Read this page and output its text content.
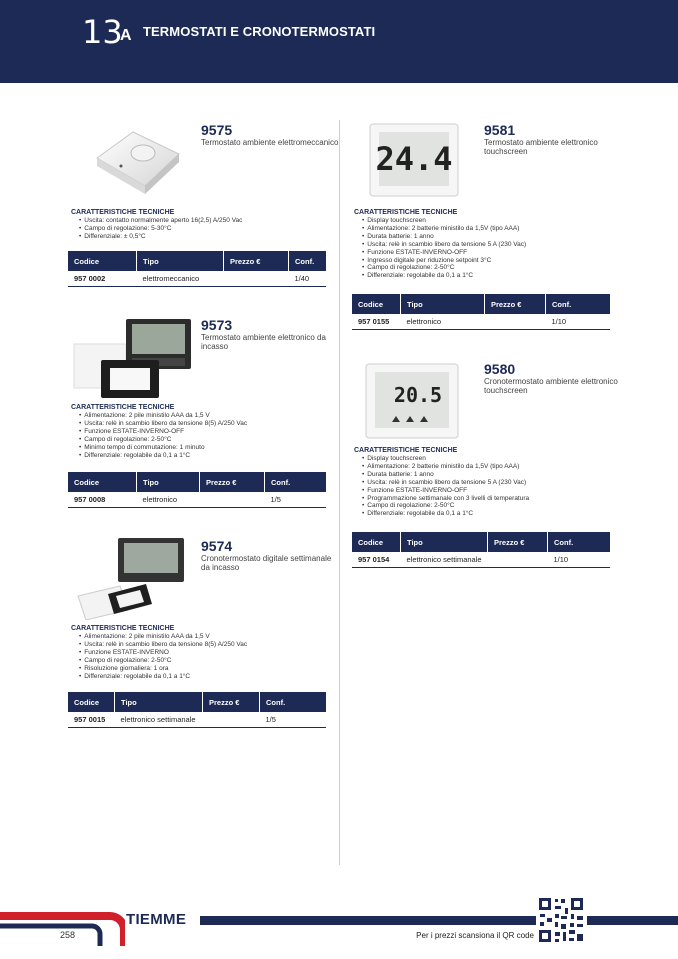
13
A TERMOSTATI E CRONOTERMOSTATI
9575
Termostato ambiente elettromeccanico
CARATTERISTICHE TECNICHE
• Uscita: contatto normalmente aperto 16(2,5) A/250 Vac
• Campo di regolazione: 5-30°C
• Differenziale: ± 0,5°C
Codice	Tipo	Prezzo €	Conf.
957 0002	elettromeccanico		1/40
9573
Termostato ambiente elettronico da incasso
CARATTERISTICHE TECNICHE
• Alimentazione: 2 pile ministilo AAA da 1,5 V
• Uscita: relè in scambio libero da tensione 8(5) A/250 Vac
• Funzione ESTATE-INVERNO-OFF
• Campo di regolazione: 2-50°C
• Minimo tempo di commutazione: 1 minuto
• Differenziale: regolabile da 0,1 a 1°C
Codice	Tipo	Prezzo €	Conf.
957 0008	elettronico		1/5
9574
Cronotermostato digitale settimanale da incasso
CARATTERISTICHE TECNICHE
• Alimentazione: 2 pile ministilo AAA da 1,5 V
• Uscita: relè in scambio libero da tensione 8(5) A/250 Vac
• Funzione ESTATE-INVERNO
• Campo di regolazione: 2-50°C
• Risoluzione giornaliera: 1 ora
• Differenziale: regolabile da 0,1 a 1°C
Codice	Tipo	Prezzo €	Conf.
957 0015	elettronico settimanale		1/5
24.4
9581
Termostato ambiente elettronico touchscreen
CARATTERISTICHE TECNICHE
• Display touchscreen
• Alimentazione: 2 batterie ministilo da 1,5V (tipo AAA)
• Durata batterie: 1 anno
• Uscita: relè in scambio libero da tensione 5 A (230 Vac)
• Funzione ESTATE-INVERNO-OFF
• Ingresso digitale per riduzione setpoint 3°C
• Campo di regolazione: 2-50°C
• Differenziale: regolabile da 0,1 a 1°C
Codice	Tipo	Prezzo €	Conf.
957 0155	elettronico		1/10
20.5
9580
Cronotermostato ambiente elettronico touchscreen
CARATTERISTICHE TECNICHE
• Display touchscreen
• Alimentazione: 2 batterie ministilo da 1,5V (tipo AAA)
• Durata batterie: 1 anno
• Uscita: relè in scambio libero da tensione 5 A (230 Vac)
• Funzione ESTATE-INVERNO-OFF
• Programmazione settimanale con 3 livelli di temperatura
• Campo di regolazione: 2-50°C
• Differenziale: regolabile da 0,1 a 1°C
Codice	Tipo	Prezzo €	Conf.
957 0154	elettronico settimanale		1/10
TIEMME
258	Per i prezzi scansiona il QR code
